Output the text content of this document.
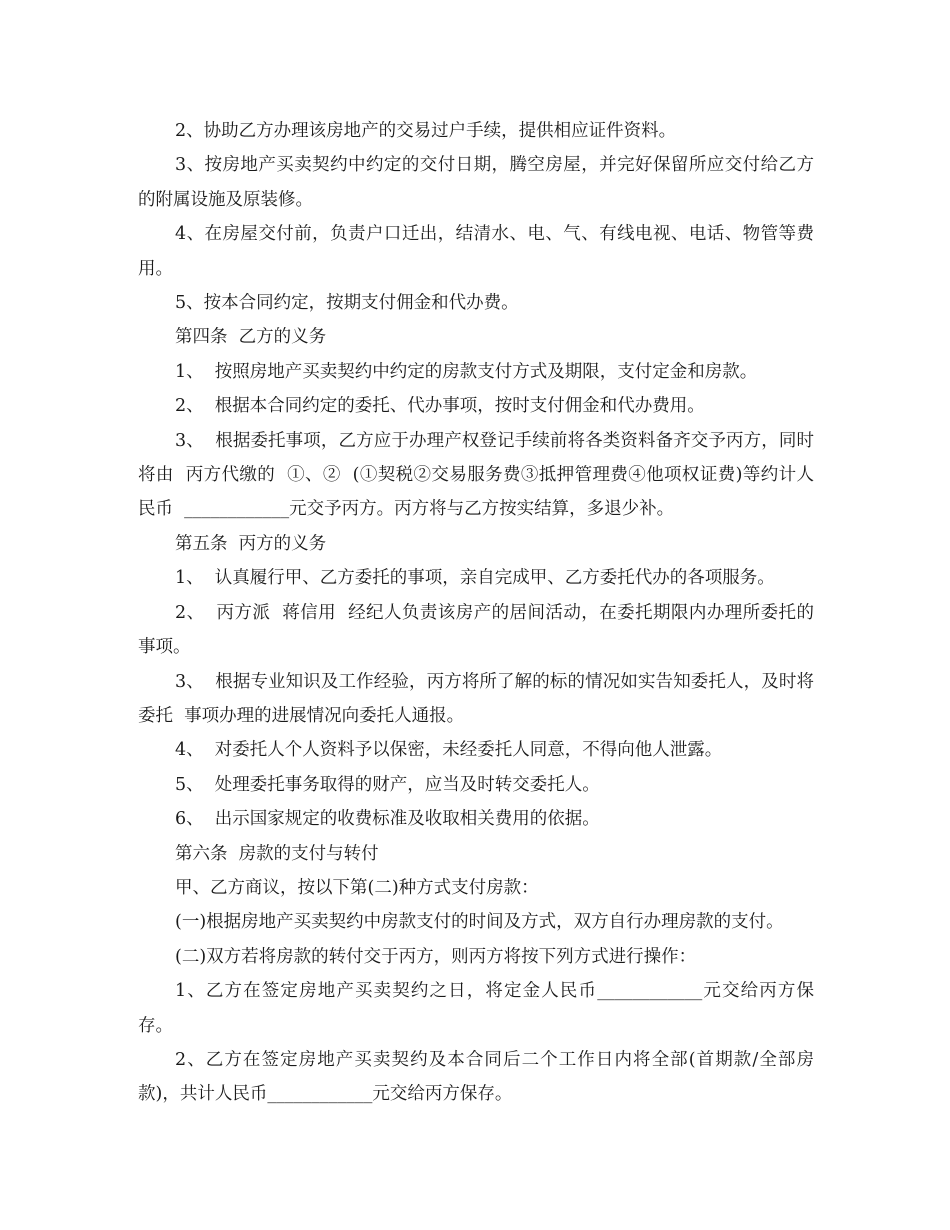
2、协助乙方办理该房地产的交易过户手续，提供相应证件资料。

3、按房地产买卖契约中约定的交付日期，腾空房屋，并完好保留所应交付给乙方的附属设施及原装修。

4、在房屋交付前，负责户口迁出，结清水、电、气、有线电视、电话、物管等费用。

5、按本合同约定，按期支付佣金和代办费。

第四条  乙方的义务

1、  按照房地产买卖契约中约定的房款支付方式及期限，支付定金和房款。

2、  根据本合同约定的委托、代办事项，按时支付佣金和代办费用。

3、  根据委托事项，乙方应于办理产权登记手续前将各类资料备齐交予丙方，同时将由  丙方代缴的  ①、②  (①契税②交易服务费③抵押管理费④他项权证费)等约计人民币  ____________元交予丙方。丙方将与乙方按实结算，多退少补。

第五条  丙方的义务

1、  认真履行甲、乙方委托的事项，亲自完成甲、乙方委托代办的各项服务。

2、  丙方派  蒋信用  经纪人负责该房产的居间活动，在委托期限内办理所委托的事项。

3、  根据专业知识及工作经验，丙方将所了解的标的情况如实告知委托人，及时将委托  事项办理的进展情况向委托人通报。

4、  对委托人个人资料予以保密，未经委托人同意，不得向他人泄露。

5、  处理委托事务取得的财产，应当及时转交委托人。

6、  出示国家规定的收费标准及收取相关费用的依据。

第六条  房款的支付与转付

甲、乙方商议，按以下第(二)种方式支付房款：

(一)根据房地产买卖契约中房款支付的时间及方式，双方自行办理房款的支付。

(二)双方若将房款的转付交于丙方，则丙方将按下列方式进行操作：

1、乙方在签定房地产买卖契约之日，将定金人民币____________元交给丙方保存。

2、乙方在签定房地产买卖契约及本合同后二个工作日内将全部(首期款/全部房款)，共计人民币____________元交给丙方保存。
